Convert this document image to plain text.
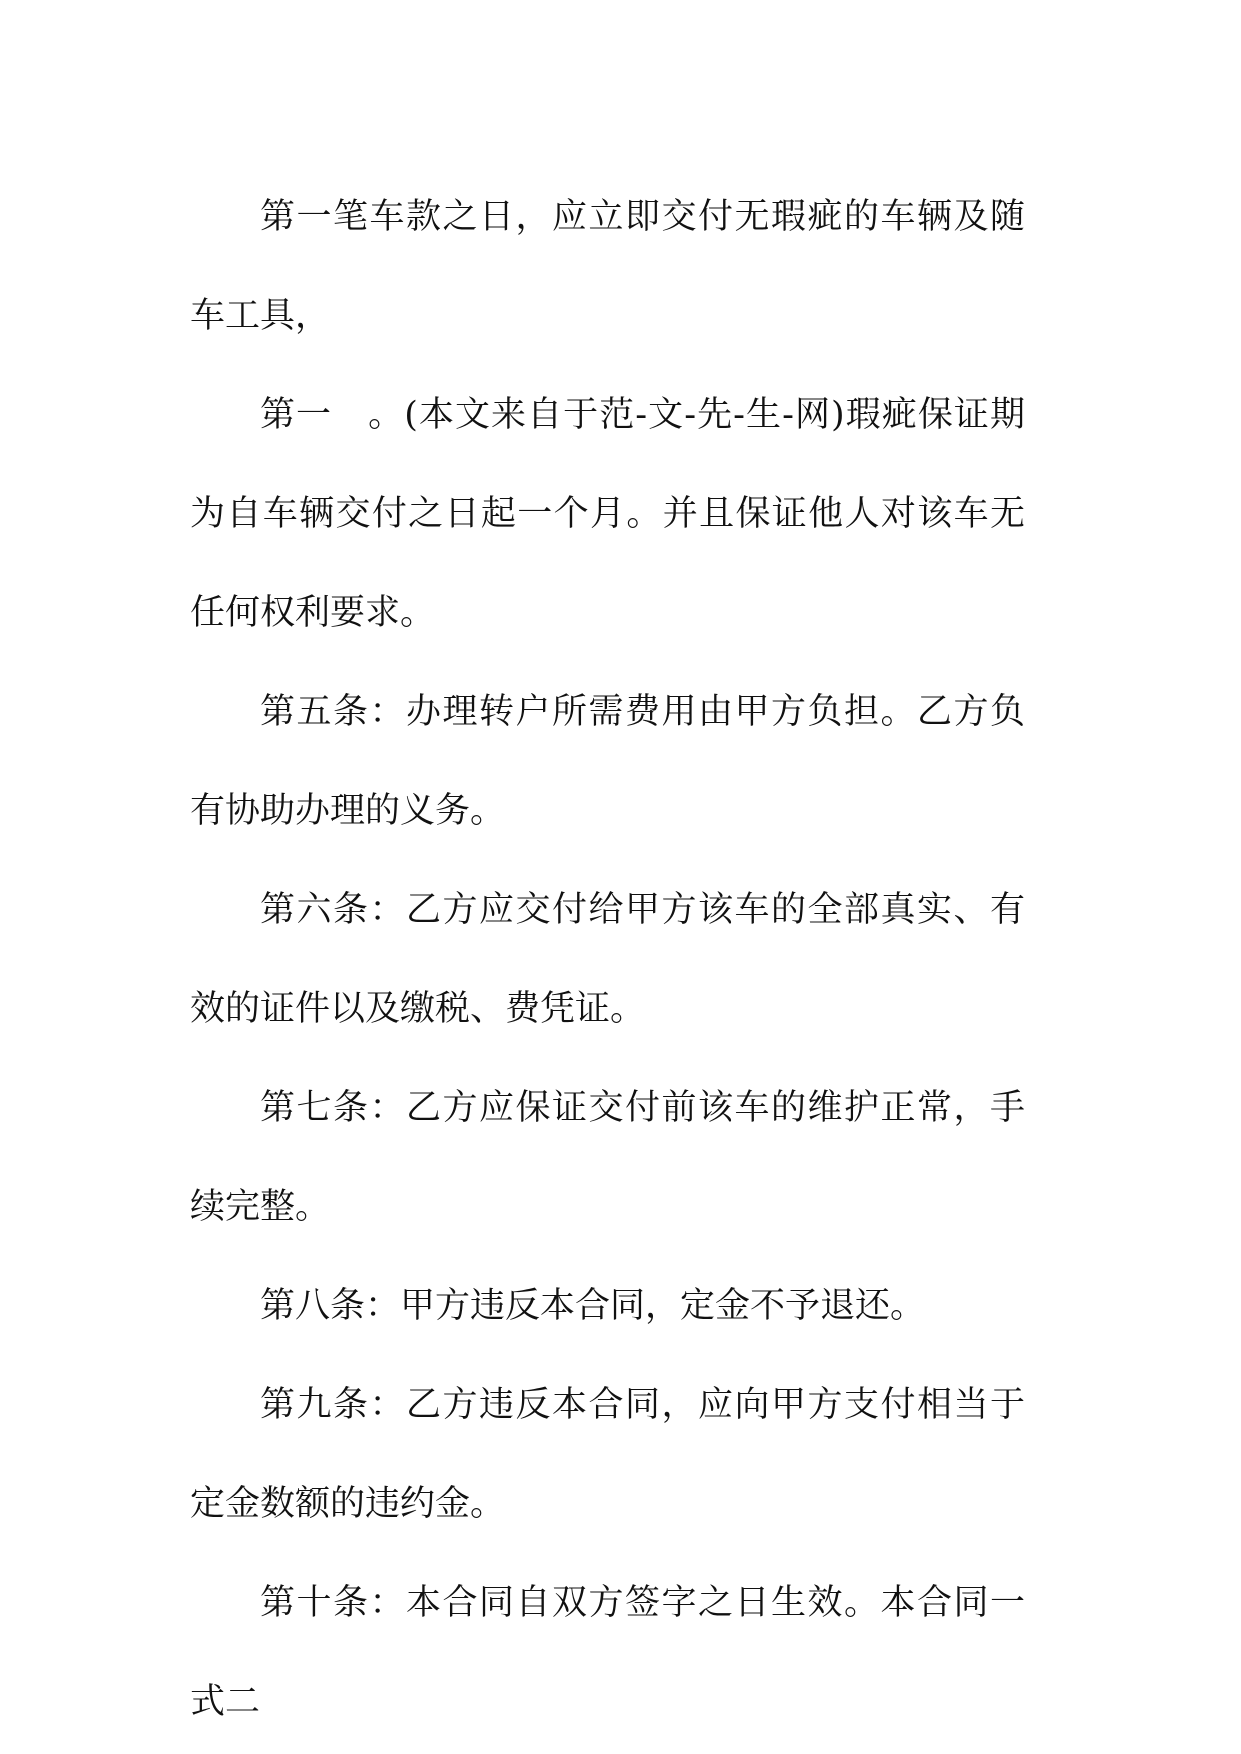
第一笔车款之日，应立即交付无瑕疵的车辆及随车工具，

第一　。(本文来自于范-文-先-生-网)瑕疵保证期为自车辆交付之日起一个月。并且保证他人对该车无任何权利要求。

第五条：办理转户所需费用由甲方负担。乙方负有协助办理的义务。

第六条：乙方应交付给甲方该车的全部真实、有效的证件以及缴税、费凭证。

第七条：乙方应保证交付前该车的维护正常，手续完整。

第八条：甲方违反本合同，定金不予退还。

第九条：乙方违反本合同，应向甲方支付相当于定金数额的违约金。

第十条：本合同自双方签字之日生效。本合同一式二
